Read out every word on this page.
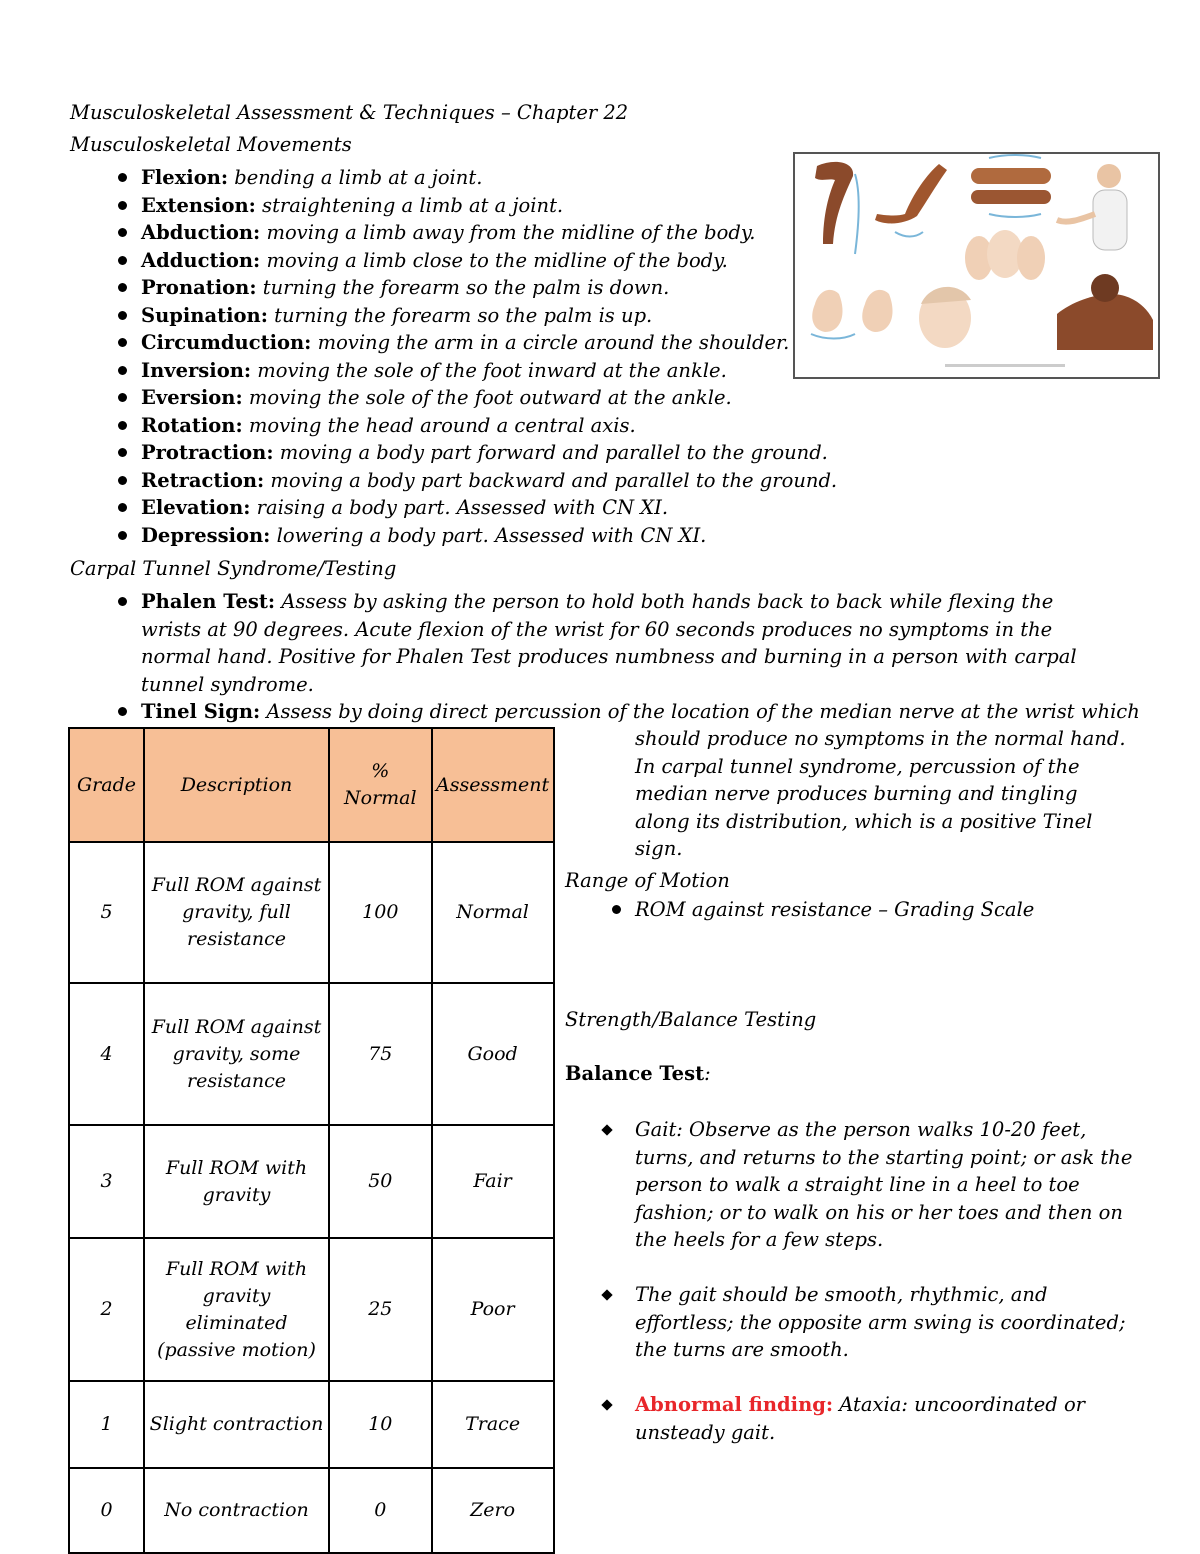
Musculoskeletal Assessment & Techniques – Chapter 22
Musculoskeletal Movements
Flexion: bending a limb at a joint.
Extension: straightening a limb at a joint.
Abduction: moving a limb away from the midline of the body.
Adduction: moving a limb close to the midline of the body.
Pronation: turning the forearm so the palm is down.
Supination: turning the forearm so the palm is up.
Circumduction: moving the arm in a circle around the shoulder.
Inversion: moving the sole of the foot inward at the ankle.
Eversion: moving the sole of the foot outward at the ankle.
Rotation: moving the head around a central axis.
Protraction: moving a body part forward and parallel to the ground.
Retraction: moving a body part backward and parallel to the ground.
Elevation: raising a body part. Assessed with CN XI.
Depression: lowering a body part. Assessed with CN XI.
Carpal Tunnel Syndrome/Testing
Phalen Test: Assess by asking the person to hold both hands back to back while flexing the
wrists at 90 degrees. Acute flexion of the wrist for 60 seconds produces no symptoms in the
normal hand. Positive for Phalen Test produces numbness and burning in a person with carpal
tunnel syndrome.
Tinel Sign: Assess by doing direct percussion of the location of the median nerve at the wrist which
should produce no symptoms in the normal hand.
In carpal tunnel syndrome, percussion of the
median nerve produces burning and tingling
along its distribution, which is a positive Tinel
sign.
Range of Motion
ROM against resistance – Grading Scale
Strength/Balance Testing
Balance Test:
Gait: Observe as the person walks 10-20 feet,
turns, and returns to the starting point; or ask the
person to walk a straight line in a heel to toe
fashion; or to walk on his or her toes and then on
the heels for a few steps.
The gait should be smooth, rhythmic, and
effortless; the opposite arm swing is coordinated;
the turns are smooth.
Abnormal finding: Ataxia: uncoordinated or
unsteady gait.
Grade	Description	% Normal	Assessment

5	Full ROM against gravity, full resistance	100	Normal

4	Full ROM against gravity, some resistance	75	Good

3	Full ROM with gravity	50	Fair

2	Full ROM with gravity eliminated (passive motion)	25	Poor

1	Slight contraction	10	Trace

0	No contraction	0	Zero
